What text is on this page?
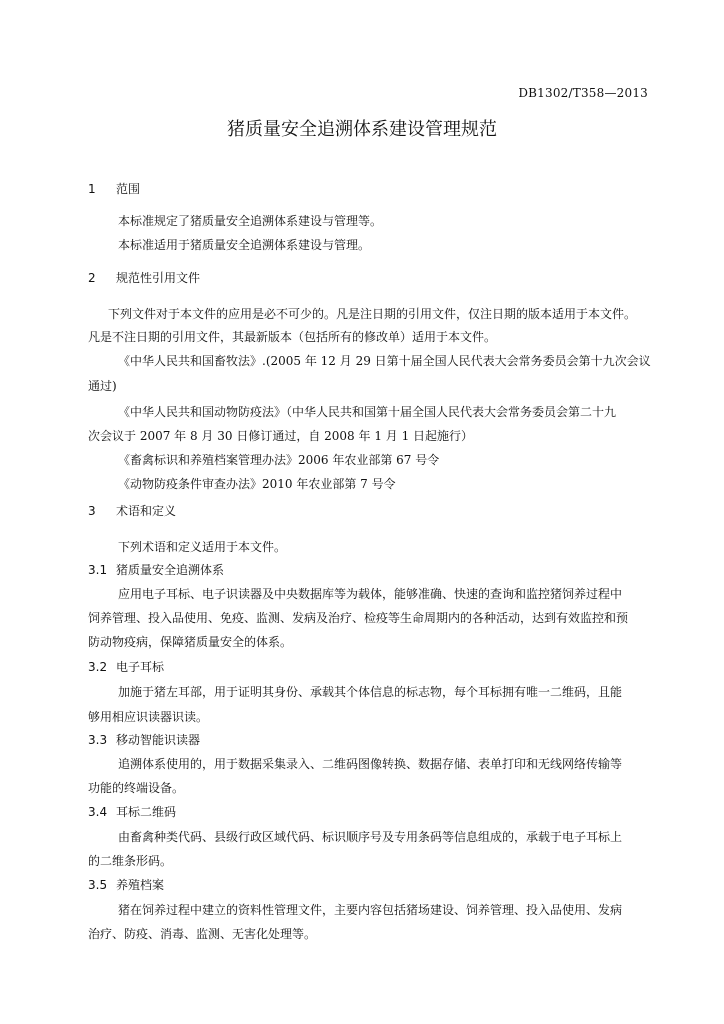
DB1302/T358—2013
猪质量安全追溯体系建设管理规范
1 范围
本标准规定了猪质量安全追溯体系建设与管理等。
本标准适用于猪质量安全追溯体系建设与管理。
2 规范性引用文件
下列文件对于本文件的应用是必不可少的。凡是注日期的引用文件，仅注日期的版本适用于本文件。
凡是不注日期的引用文件，其最新版本（包括所有的修改单）适用于本文件。
《中华人民共和国畜牧法》.(2005 年 12 月 29 日第十届全国人民代表大会常务委员会第十九次会议
通过)
《中华人民共和国动物防疫法》（中华人民共和国第十届全国人民代表大会常务委员会第二十九
次会议于 2007 年 8 月 30 日修订通过，自 2008 年 1 月 1 日起施行）
《畜禽标识和养殖档案管理办法》2006 年农业部第 67 号令
《动物防疫条件审查办法》2010 年农业部第 7 号令
3 术语和定义
下列术语和定义适用于本文件。
3.1 猪质量安全追溯体系
应用电子耳标、电子识读器及中央数据库等为载体，能够准确、快速的查询和监控猪饲养过程中
饲养管理、投入品使用、免疫、监测、发病及治疗、检疫等生命周期内的各种活动，达到有效监控和预
防动物疫病，保障猪质量安全的体系。
3.2 电子耳标
加施于猪左耳部，用于证明其身份、承载其个体信息的标志物，每个耳标拥有唯一二维码，且能
够用相应识读器识读。
3.3 移动智能识读器
追溯体系使用的，用于数据采集录入、二维码图像转换、数据存储、表单打印和无线网络传输等
功能的终端设备。
3.4 耳标二维码
由畜禽种类代码、县级行政区域代码、标识顺序号及专用条码等信息组成的，承载于电子耳标上
的二维条形码。
3.5 养殖档案
猪在饲养过程中建立的资料性管理文件，主要内容包括猪场建设、饲养管理、投入品使用、发病
治疗、防疫、消毒、监测、无害化处理等。
